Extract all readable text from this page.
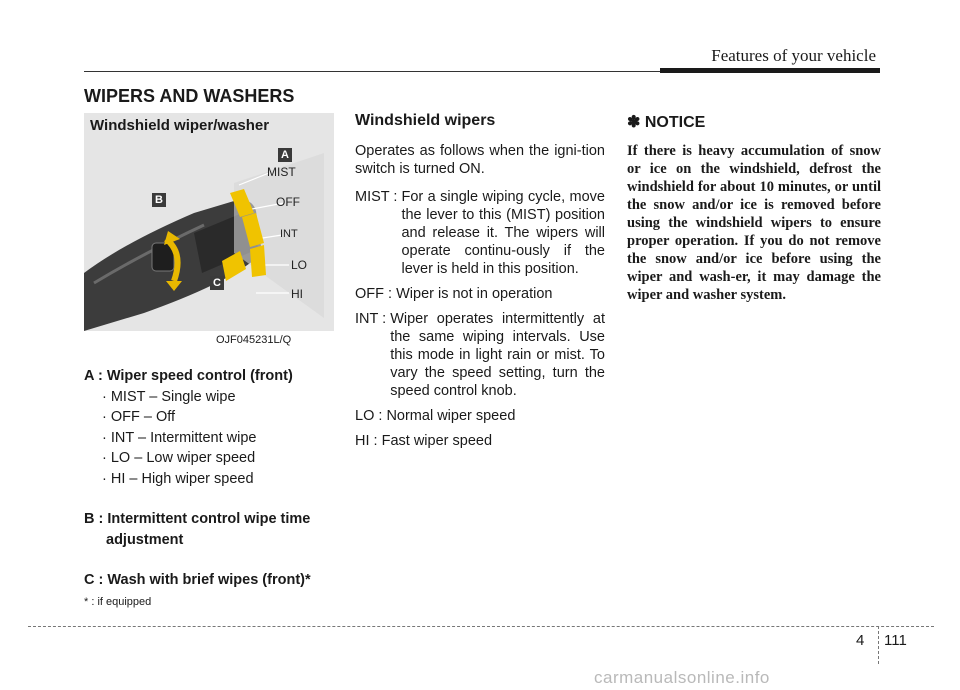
Features of your vehicle
WIPERS AND WASHERS
Windshield wiper/washer
MIST
OFF
INT
LO
HI
A
B
C
OJF045231L/Q
A : Wiper speed control (front)
· MIST – Single wipe
· OFF – Off
· INT – Intermittent wipe
· LO – Low wiper speed
· HI – High wiper speed
B : Intermittent control wipe time
adjustment
C : Wash with brief wipes (front)*
* : if equipped
Windshield wipers

Operates as follows when the igni-tion switch is turned ON.

MIST : For a single wiping cycle, move the lever to this (MIST) position and release it. The wipers will operate continu-ously if the lever is held in this position.
OFF : Wiper is not in operation
INT : Wiper operates intermittently at the same wiping intervals. Use this mode in light rain or mist. To vary the speed setting, turn the speed control knob.
LO : Normal wiper speed
HI : Fast wiper speed
✽ NOTICE

If there is heavy accumulation of snow or ice on the windshield, defrost the windshield for about 10 minutes, or until the snow and/or ice is removed before using the windshield wipers to ensure proper operation. If you do not remove the snow and/or ice before using the wiper and wash-er, it may damage the wiper and washer system.

4 111
carmanualsonline.info
